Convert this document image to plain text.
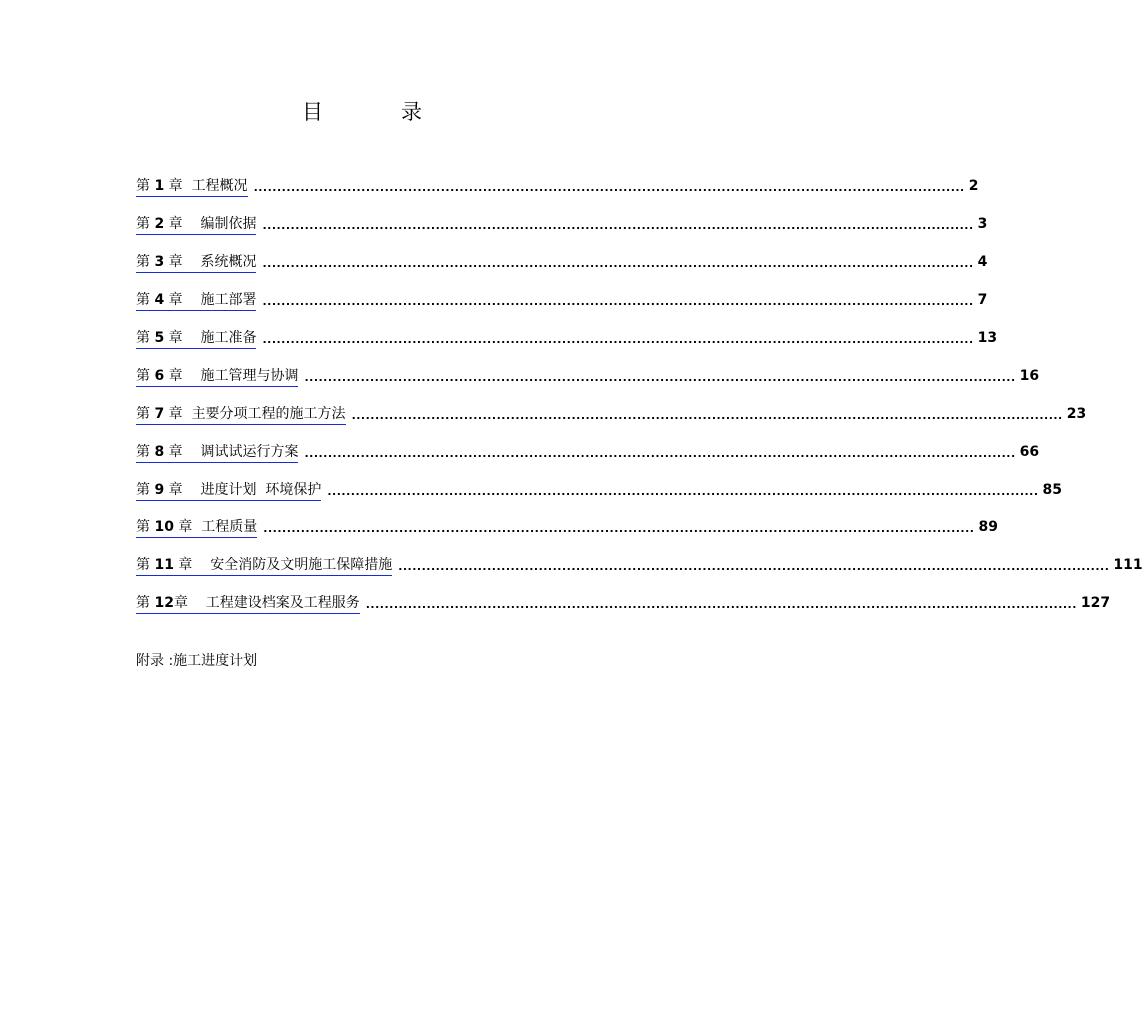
目	录
第 1 章  工程概况 ........................................................................................................................................................ 2
第 2 章    编制依据 ........................................................................................................................................................ 3
第 3 章    系统概况 ........................................................................................................................................................ 4
第 4 章    施工部署 ........................................................................................................................................................ 7
第 5 章    施工准备 ........................................................................................................................................................ 13
第 6 章    施工管理与协调 ........................................................................................................................................................ 16
第 7 章  主要分项工程的施工方法 ........................................................................................................................................................ 23
第 8 章    调试试运行方案 ........................................................................................................................................................ 66
第 9 章    进度计划  环境保护 ........................................................................................................................................................ 85
第 10 章  工程质量 ........................................................................................................................................................ 89
第 11 章    安全消防及文明施工保障措施 ........................................................................................................................................................ 111
第 12章    工程建设档案及工程服务 ........................................................................................................................................................ 127
附录 :施工进度计划
